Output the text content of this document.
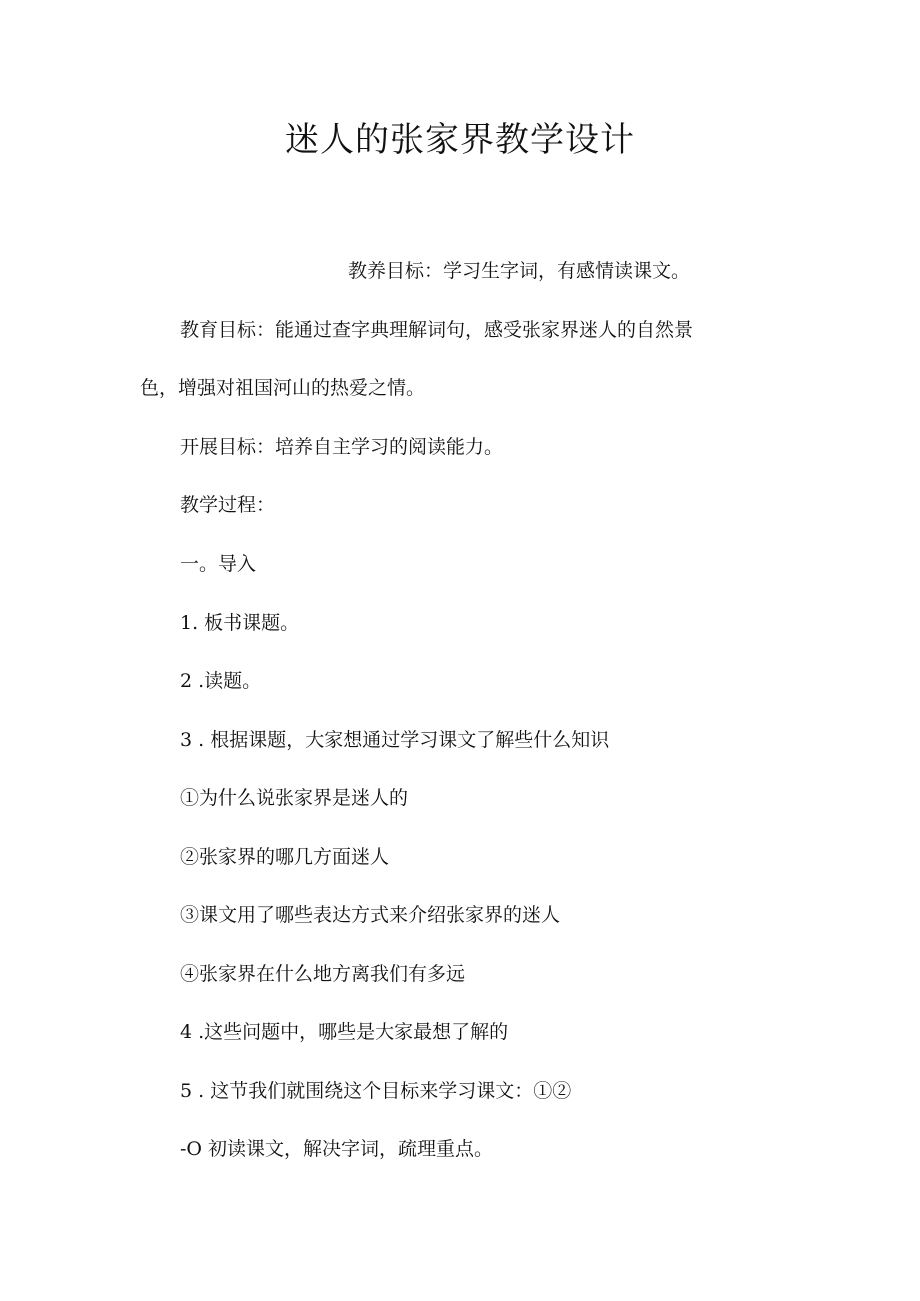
迷人的张家界教学设计
教养目标：学习生字词，有感情读课文。
教育目标：能通过查字典理解词句，感受张家界迷人的自然景
色，增强对祖国河山的热爱之情。
开展目标：培养自主学习的阅读能力。
教学过程：
一。导入
1. 板书课题。
2 .读题。
3 . 根据课题，大家想通过学习课文了解些什么知识
①为什么说张家界是迷人的
②张家界的哪几方面迷人
③课文用了哪些表达方式来介绍张家界的迷人
④张家界在什么地方离我们有多远
4 .这些问题中，哪些是大家最想了解的
5 . 这节我们就围绕这个目标来学习课文：①②
-O 初读课文，解决字词，疏理重点。
